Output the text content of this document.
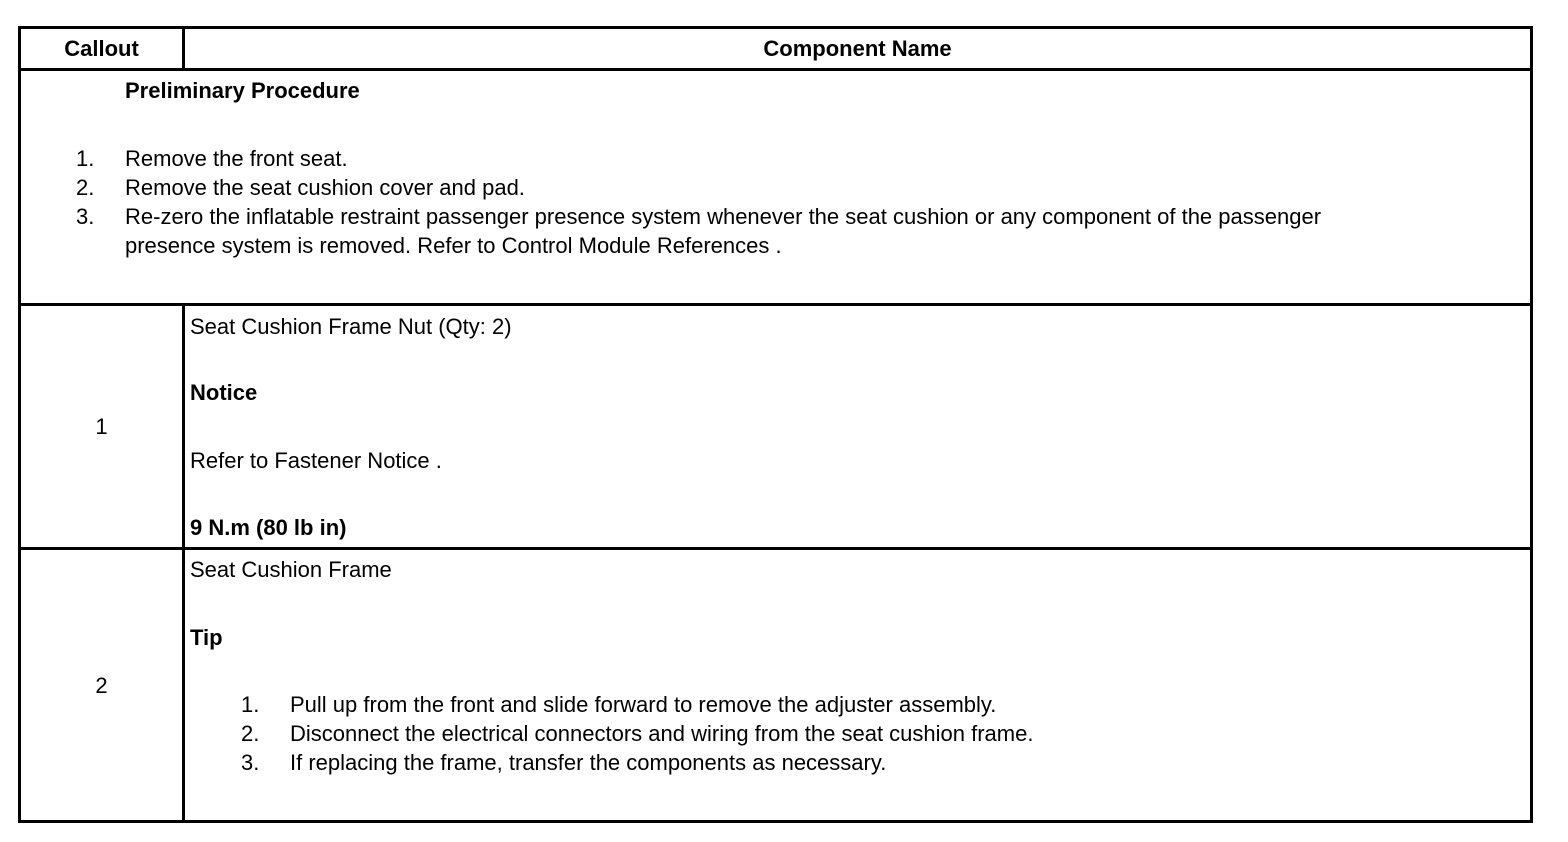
Callout	Component Name
Preliminary Procedure
1. Remove the front seat.
2. Remove the seat cushion cover and pad.
3. Re-zero the inflatable restraint passenger presence system whenever the seat cushion or any component of the passenger
presence system is removed. Refer to Control Module References .
1
Seat Cushion Frame Nut (Qty: 2)
Notice
Refer to Fastener Notice .
9 N.m (80 lb in)
2
Seat Cushion Frame
Tip
1. Pull up from the front and slide forward to remove the adjuster assembly.
2. Disconnect the electrical connectors and wiring from the seat cushion frame.
3. If replacing the frame, transfer the components as necessary.
